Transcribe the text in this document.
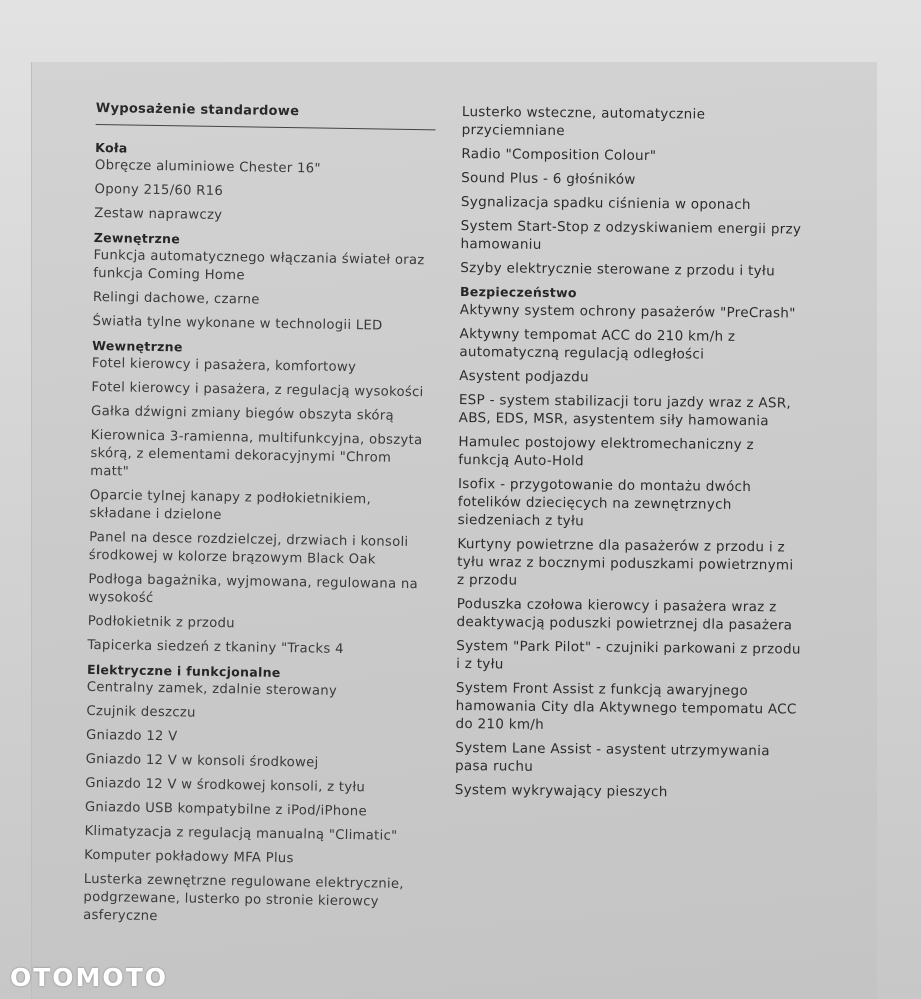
Wyposażenie standardowe
Koła
Obręcze aluminiowe Chester 16"
Opony 215/60 R16
Zestaw naprawczy
Zewnętrzne
Funkcja automatycznego włączania świateł oraz funkcja Coming Home
Relingi dachowe, czarne
Światła tylne wykonane w technologii LED
Wewnętrzne
Fotel kierowcy i pasażera, komfortowy
Fotel kierowcy i pasażera, z regulacją wysokości
Gałka dźwigni zmiany biegów obszyta skórą
Kierownica 3-ramienna, multifunkcyjna, obszyta skórą, z elementami dekoracyjnymi "Chrom matt"
Oparcie tylnej kanapy z podłokietnikiem, składane i dzielone
Panel na desce rozdzielczej, drzwiach i konsoli środkowej w kolorze brązowym Black Oak
Podłoga bagażnika, wyjmowana, regulowana na wysokość
Podłokietnik z przodu
Tapicerka siedzeń z tkaniny "Tracks 4
Elektryczne i funkcjonalne
Centralny zamek, zdalnie sterowany
Czujnik deszczu
Gniazdo 12 V
Gniazdo 12 V w konsoli środkowej
Gniazdo 12 V w środkowej konsoli, z tyłu
Gniazdo USB kompatybilne z iPod/iPhone
Klimatyzacja z regulacją manualną "Climatic"
Komputer pokładowy MFA Plus
Lusterka zewnętrzne regulowane elektrycznie, podgrzewane, lusterko po stronie kierowcy asferyczne
Lusterko wsteczne, automatycznie przyciemniane
Radio "Composition Colour"
Sound Plus - 6 głośników
Sygnalizacja spadku ciśnienia w oponach
System Start-Stop z odzyskiwaniem energii przy hamowaniu
Szyby elektrycznie sterowane z przodu i tyłu
Bezpieczeństwo
Aktywny system ochrony pasażerów "PreCrash"
Aktywny tempomat ACC do 210 km/h z automatyczną regulacją odległości
Asystent podjazdu
ESP - system stabilizacji toru jazdy wraz z ASR, ABS, EDS, MSR, asystentem siły hamowania
Hamulec postojowy elektromechaniczny z funkcją Auto-Hold
Isofix - przygotowanie do montażu dwóch fotelików dziecięcych na zewnętrznych siedzeniach z tyłu
Kurtyny powietrzne dla pasażerów z przodu i z tyłu wraz z bocznymi poduszkami powietrznymi z przodu
Poduszka czołowa kierowcy i pasażera wraz z deaktywacją poduszki powietrznej dla pasażera
System "Park Pilot" - czujniki parkowani z przodu i z tyłu
System Front Assist z funkcją awaryjnego hamowania City dla Aktywnego tempomatu ACC do 210 km/h
System Lane Assist - asystent utrzymywania pasa ruchu
System wykrywający pieszych
OTOMOTO
